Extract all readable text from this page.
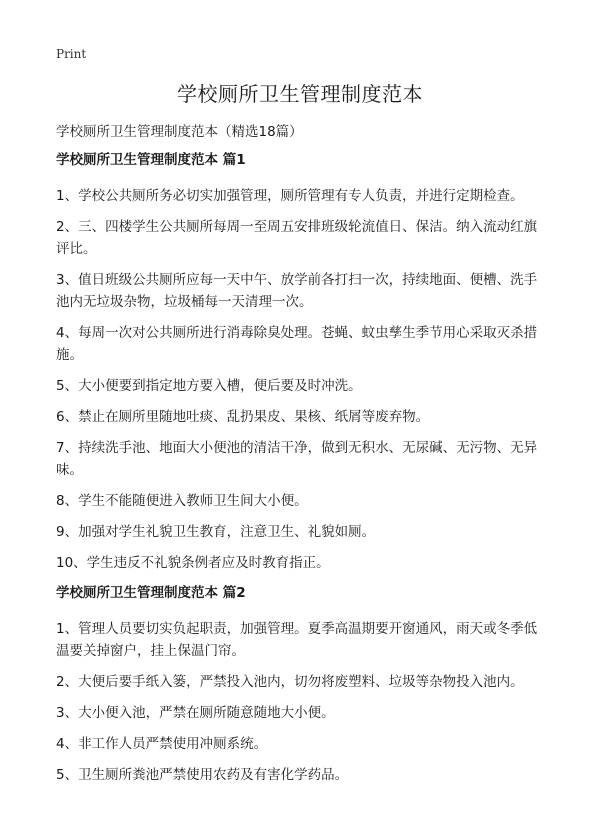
Print
学校厕所卫生管理制度范本

学校厕所卫生管理制度范本（精选18篇）

学校厕所卫生管理制度范本 篇1

1、学校公共厕所务必切实加强管理，厕所管理有专人负责，并进行定期检查。

2、三、四楼学生公共厕所每周一至周五安排班级轮流值日、保洁。纳入流动红旗评比。

3、值日班级公共厕所应每一天中午、放学前各打扫一次，持续地面、便槽、洗手池内无垃圾杂物，垃圾桶每一天清理一次。

4、每周一次对公共厕所进行消毒除臭处理。苍蝇、蚊虫孳生季节用心采取灭杀措施。

5、大小便要到指定地方要入槽，便后要及时冲洗。

6、禁止在厕所里随地吐痰、乱扔果皮、果核、纸屑等废弃物。

7、持续洗手池、地面大小便池的清洁干净，做到无积水、无尿碱、无污物、无异味。

8、学生不能随便进入教师卫生间大小便。

9、加强对学生礼貌卫生教育，注意卫生、礼貌如厕。

10、学生违反不礼貌条例者应及时教育指正。

学校厕所卫生管理制度范本 篇2

1、管理人员要切实负起职责，加强管理。夏季高温期要开窗通风，雨天或冬季低温要关掉窗户，挂上保温门帘。

2、大便后要手纸入篓，严禁投入池内，切勿将废塑料、垃圾等杂物投入池内。

3、大小便入池，严禁在厕所随意随地大小便。

4、非工作人员严禁使用冲厕系统。

5、卫生厕所粪池严禁使用农药及有害化学药品。
